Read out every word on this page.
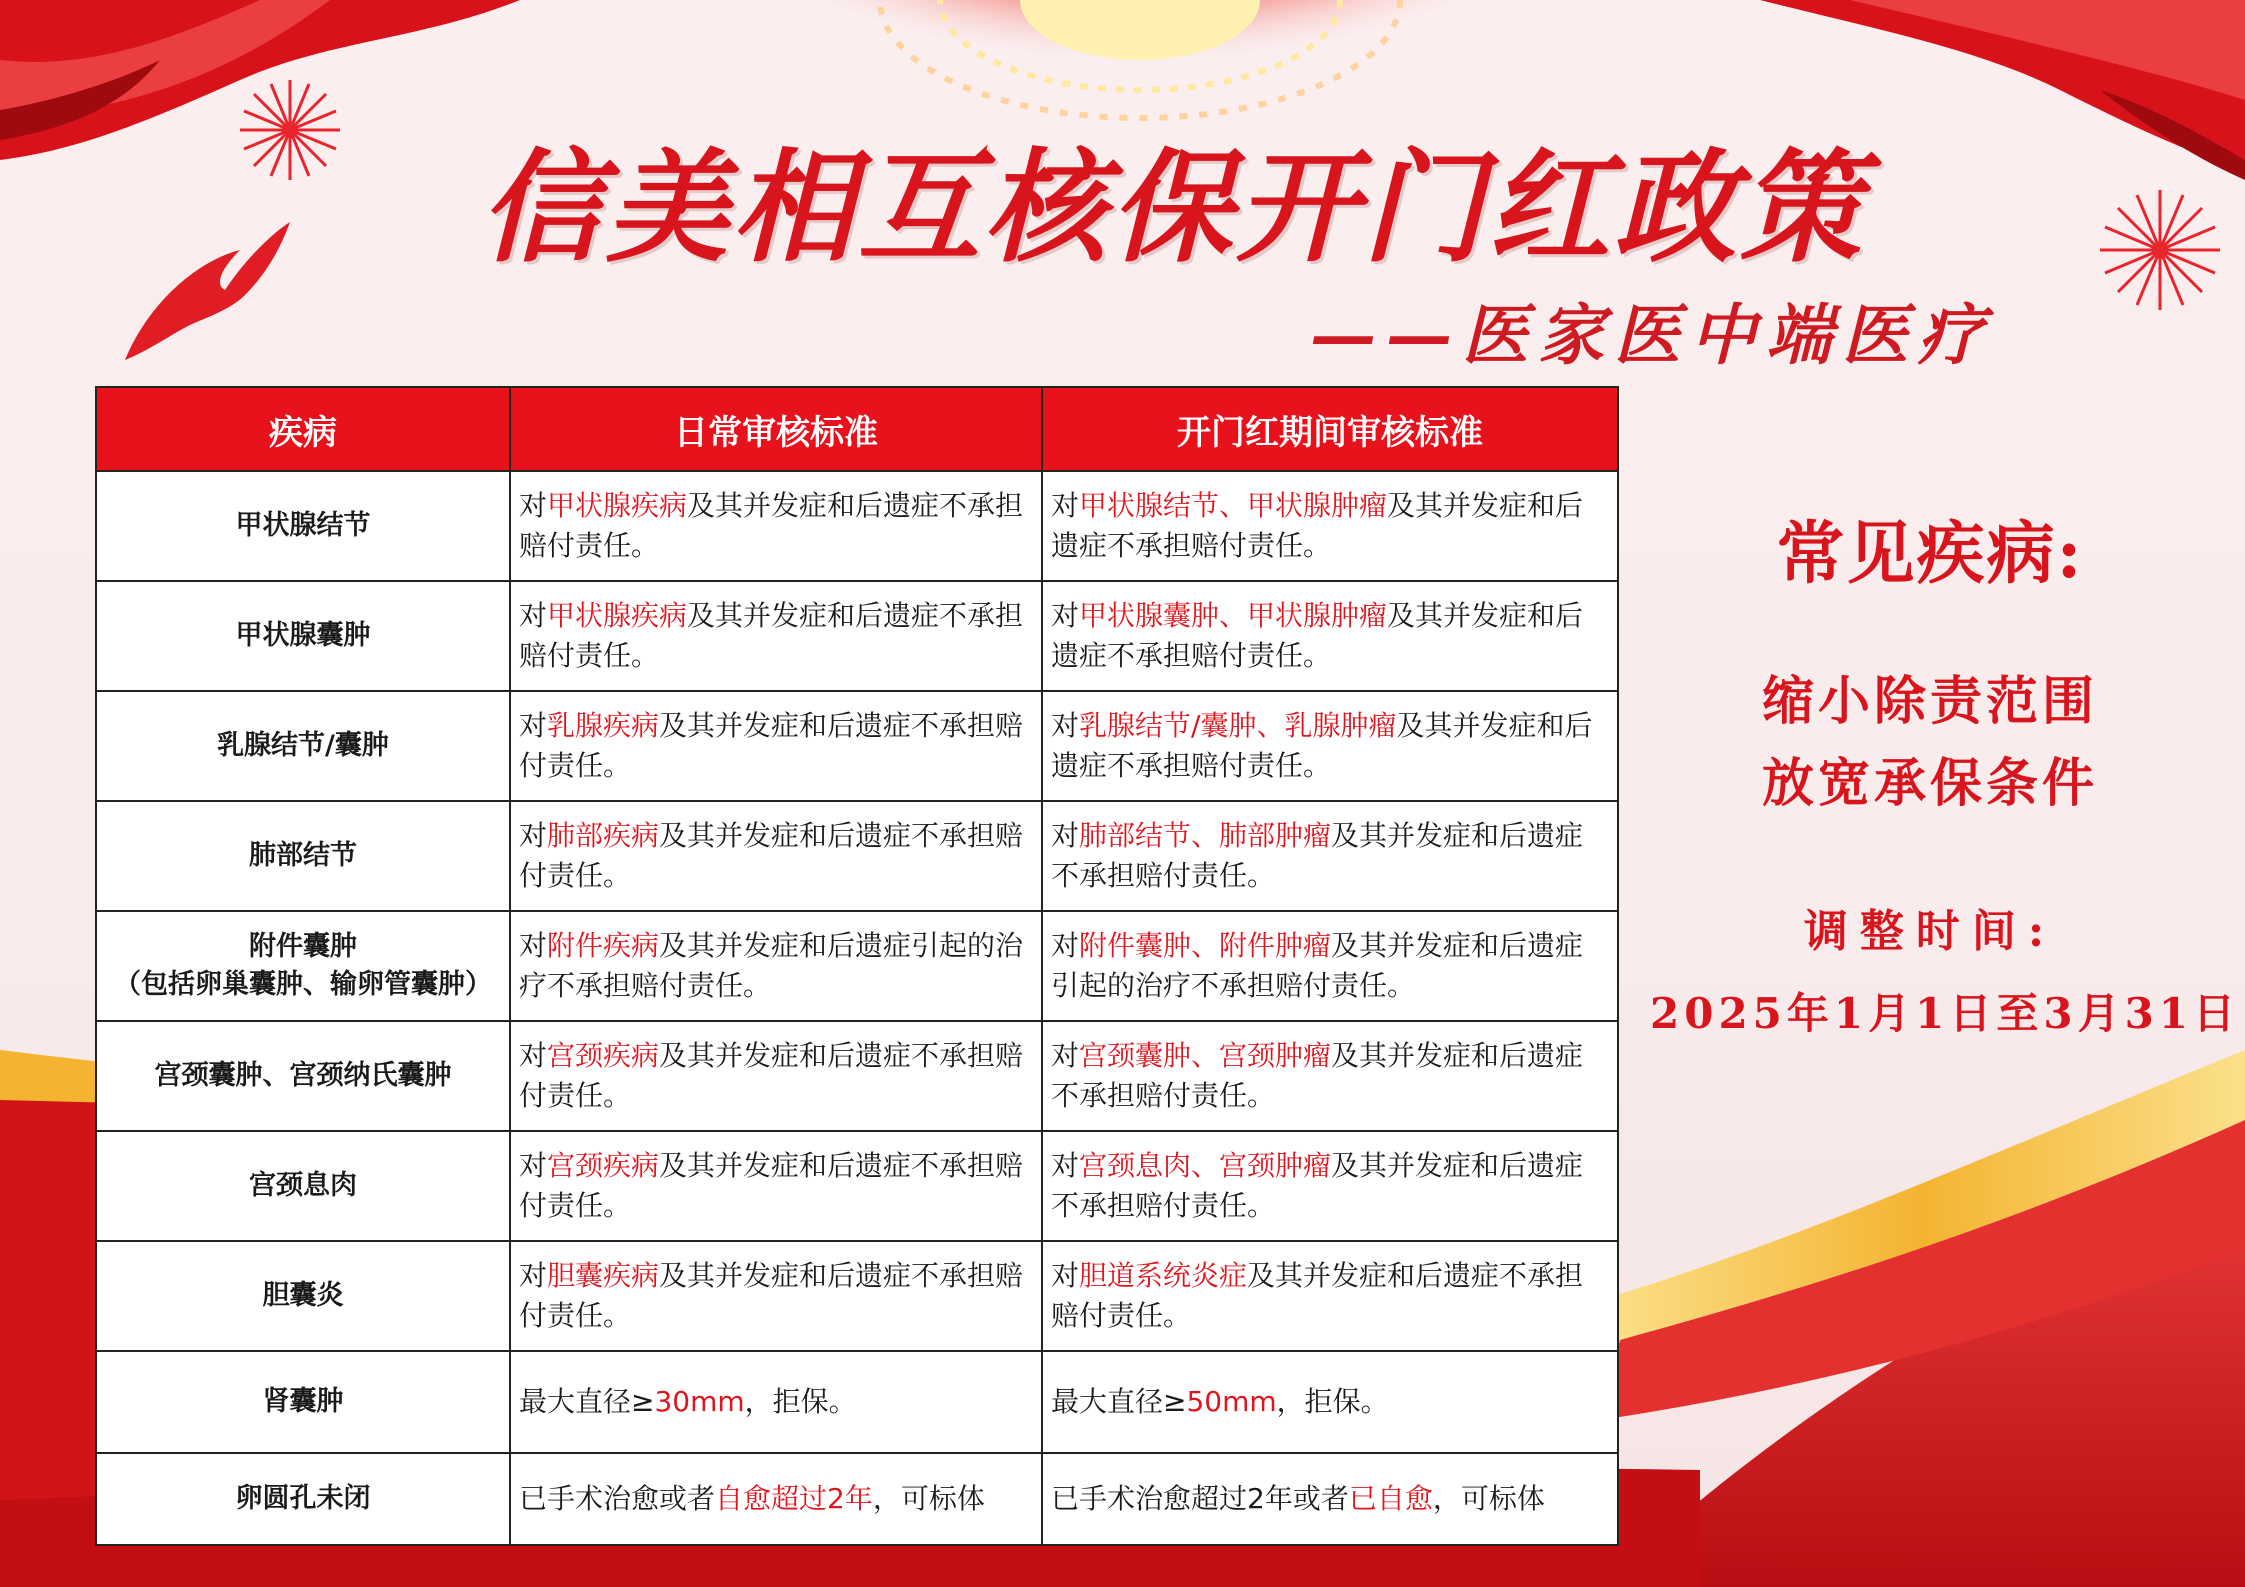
信美相互核保开门红政策
——医家医中端医疗
疾病	日常审核标准	开门红期间审核标准

甲状腺结节	对甲状腺疾病及其并发症和后遗症不承担赔付责任。	对甲状腺结节、甲状腺肿瘤及其并发症和后遗症不承担赔付责任。

甲状腺囊肿	对甲状腺疾病及其并发症和后遗症不承担赔付责任。	对甲状腺囊肿、甲状腺肿瘤及其并发症和后遗症不承担赔付责任。

乳腺结节/囊肿	对乳腺疾病及其并发症和后遗症不承担赔付责任。	对乳腺结节/囊肿、乳腺肿瘤及其并发症和后遗症不承担赔付责任。

肺部结节	对肺部疾病及其并发症和后遗症不承担赔付责任。	对肺部结节、肺部肿瘤及其并发症和后遗症不承担赔付责任。

附件囊肿
（包括卵巢囊肿、输卵管囊肿）	对附件疾病及其并发症和后遗症引起的治疗不承担赔付责任。	对附件囊肿、附件肿瘤及其并发症和后遗症引起的治疗不承担赔付责任。

宫颈囊肿、宫颈纳氏囊肿	对宫颈疾病及其并发症和后遗症不承担赔付责任。	对宫颈囊肿、宫颈肿瘤及其并发症和后遗症不承担赔付责任。

宫颈息肉	对宫颈疾病及其并发症和后遗症不承担赔付责任。	对宫颈息肉、宫颈肿瘤及其并发症和后遗症不承担赔付责任。

胆囊炎	对胆囊疾病及其并发症和后遗症不承担赔付责任。	对胆道系统炎症及其并发症和后遗症不承担赔付责任。

肾囊肿	最大直径≥30mm，拒保。	最大直径≥50mm，拒保。

卵圆孔未闭	已手术治愈或者自愈超过2年，可标体	已手术治愈超过2年或者已自愈，可标体
常见疾病:
缩小除责范围
放宽承保条件
调整时间:
2025年1月1日至3月31日
